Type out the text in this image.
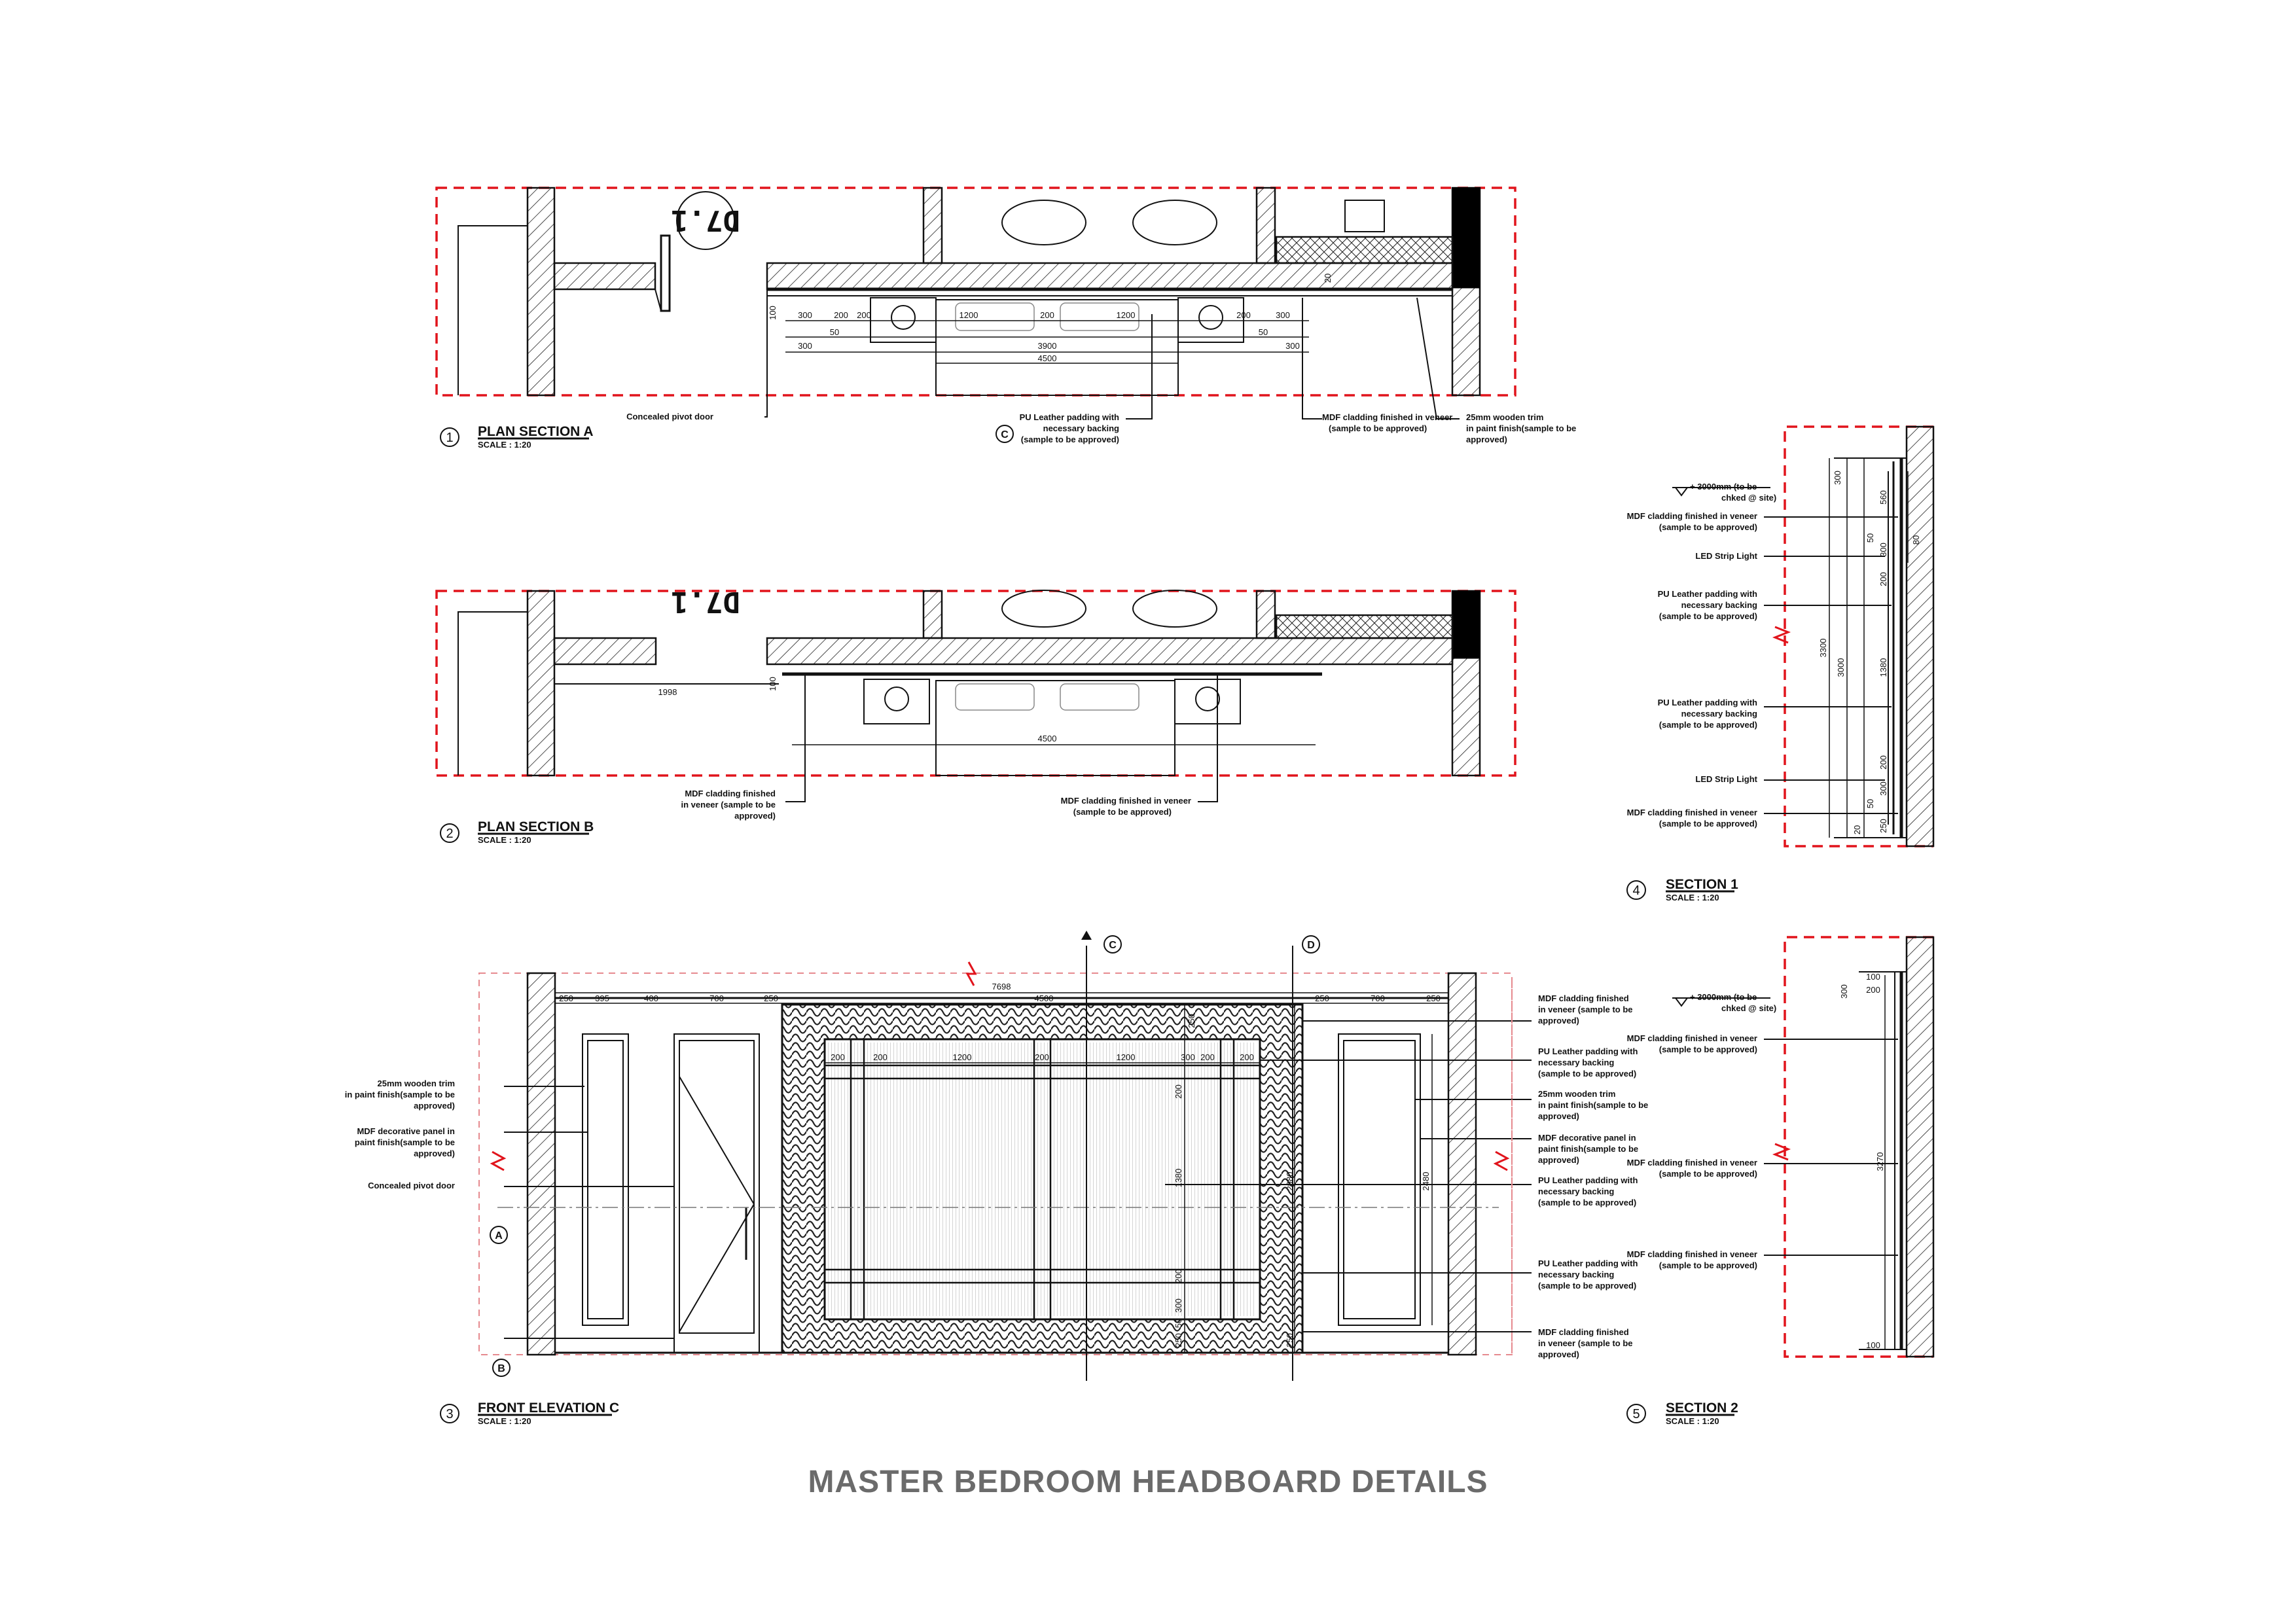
D7.1
100
20
300	200 200	1200	200	1200	200	300
50	50
300	3900	300
4500
Concealed pivot door	PU Leather padding with
necessary backing
(sample to be approved)
MDF cladding finished in veneer
(sample to be approved)
25mm wooden trim
in paint finish(sample to be
approved)
C
1 PLAN SECTION A
SCALE : 1:20
D7.1
1998
100
4500
MDF cladding finished
in veneer (sample to be
approved)
MDF cladding finished in veneer
(sample to be approved)
2 PLAN SECTION B
SCALE : 1:20
7698
250	395	400	700	250	4500	250	700	250
200	200	1200	200	1200	300 200	200
250
200
1380
200
300
50
250
2980	2480
250
C	D
A
B
25mm wooden trim
in paint finish(sample to be
approved)
MDF decorative panel in
paint finish(sample to be
approved)
Concealed pivot door
MDF cladding finished
in veneer (sample to be
approved)
PU Leather padding with
necessary backing
(sample to be approved)
25mm wooden trim
in paint finish(sample to be
approved)
MDF decorative panel in
paint finish(sample to be
approved)
PU Leather padding with
necessary backing
(sample to be approved)
PU Leather padding with
necessary backing
(sample to be approved)
MDF cladding finished
in veneer (sample to be
approved)
3 FRONT ELEVATION C
SCALE : 1:20
300
560
50
300
80
200
3300
3000	1380
200
300
50
20 250
+ 3000mm (to be
chked @ site)
MDF cladding finished in veneer
(sample to be approved)
LED Strip Light
PU Leather padding with
necessary backing
(sample to be approved)
PU Leather padding with
necessary backing
(sample to be approved)
LED Strip Light
MDF cladding finished in veneer
(sample to be approved)
4 SECTION 1
SCALE : 1:20
300
100
200
3270
100
+ 3000mm (to be
chked @ site)
MDF cladding finished in veneer
(sample to be approved)
MDF cladding finished in veneer
(sample to be approved)
MDF cladding finished in veneer
(sample to be approved)
5 SECTION 2
SCALE : 1:20
MASTER BEDROOM HEADBOARD DETAILS
